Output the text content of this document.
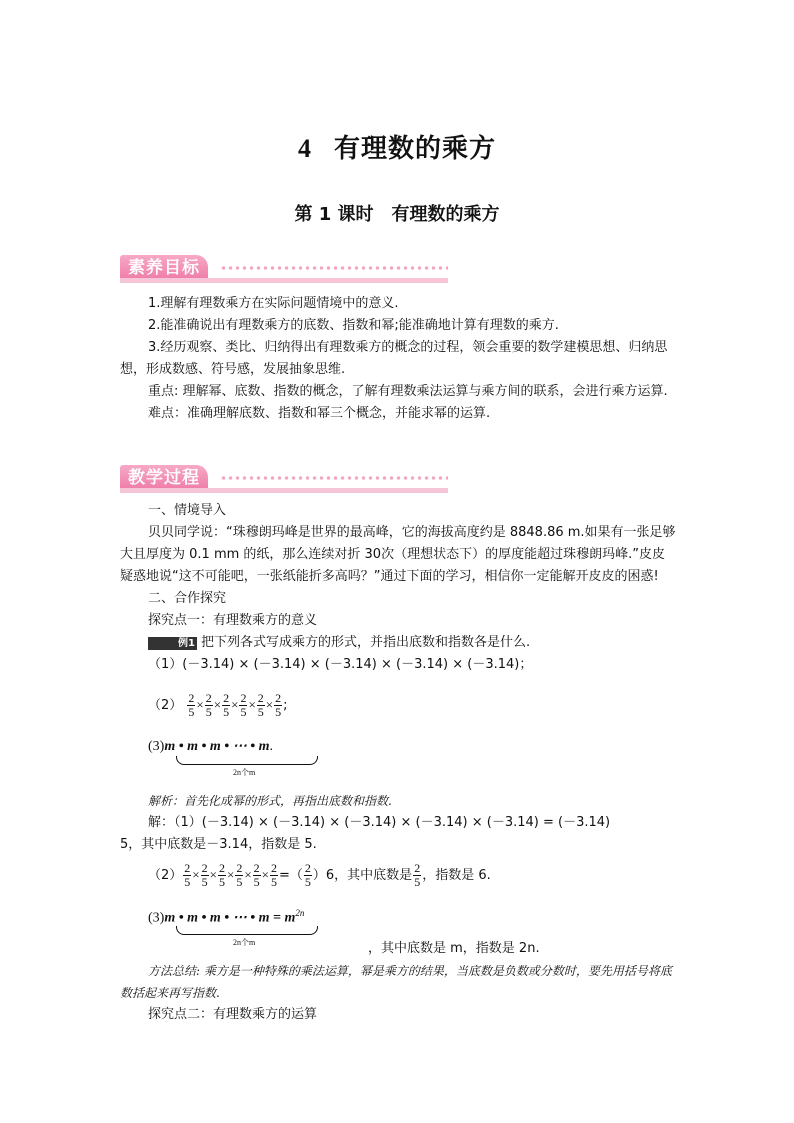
4 有理数的乘方
第 1 课时 有理数的乘方
素养目标
1.理解有理数乘方在实际问题情境中的意义.
2.能准确说出有理数乘方的底数、指数和幂;能准确地计算有理数的乘方.
3.经历观察、类比、归纳得出有理数乘方的概念的过程，领会重要的数学建模思想、归纳思想，形成数感、符号感，发展抽象思维.
重点: 理解幂、底数、指数的概念，了解有理数乘法运算与乘方间的联系，会进行乘方运算.
难点：准确理解底数、指数和幂三个概念，并能求幂的运算.
教学过程
一、情境导入
贝贝同学说：“珠穆朗玛峰是世界的最高峰，它的海拔高度约是 8848.86 m.如果有一张足够大且厚度为 0.1 mm 的纸，那么连续对折 30次（理想状态下）的厚度能超过珠穆朗玛峰.”皮皮疑惑地说“这不可能吧，一张纸能折多高吗？”通过下面的学习，相信你一定能解开皮皮的困惑!
二、合作探究
探究点一：有理数乘方的意义
例1 把下列各式写成乘方的形式，并指出底数和指数各是什么.
（1）(－3.14) × (－3.14) × (－3.14) × (－3.14) × (－3.14)；
$(2) \frac{2}{5} \times \frac{2}{5} \times \frac{2}{5} \times \frac{2}{5} \times \frac{2}{5} \times \frac{2}{5}$ ;
(3)m • m • m • ⋯ • m.
2n个m
解析：首先化成幂的形式，再指出底数和指数.
解：（1）(－3.14) × (－3.14) × (－3.14) × (－3.14) × (－3.14) = (－3.14)
5，其中底数是－3.14，指数是 5.
$(2) \frac{2}{5} \times \frac{2}{5} \times \frac{2}{5} \times \frac{2}{5} \times \frac{2}{5} \times \frac{2}{5}$ =（ $\frac{2}{5} )6$，其中底数是 $\frac{2}{5}$ ，指数是 6.
(3)m • m • m • ⋯ • $m = m^{2n}$
2n个m	，其中底数是 m，指数是 2n.
方法总结: 乘方是一种特殊的乘法运算，幂是乘方的结果，当底数是负数或分数时，要先用括号将底数括起来再写指数.
探究点二：有理数乘方的运算
